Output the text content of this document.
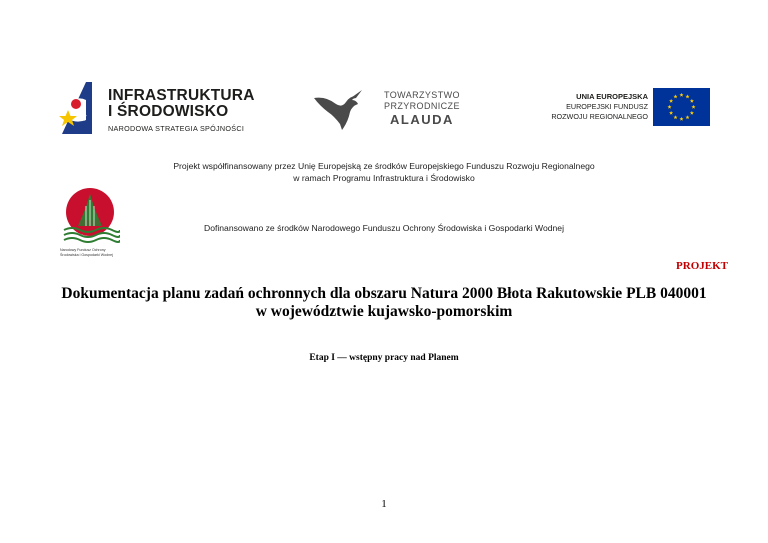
INFRASTRUKTURA
I ŚRODOWISKO
NARODOWA STRATEGIA SPÓJNOŚCI
TOWARZYSTWO
PRZYRODNICZE
ALAUDA
UNIA EUROPEJSKA
EUROPEJSKI FUNDUSZ
ROZWOJU REGIONALNEGO
Projekt współfinansowany przez Unię Europejską ze środków Europejskiego Funduszu Rozwoju Regionalnego
w ramach Programu Infrastruktura i Środowisko
Narodowy Fundusz Ochrony
Środowiska i Gospodarki Wodnej
Dofinansowano ze środków Narodowego Funduszu Ochrony Środowiska i Gospodarki Wodnej
PROJEKT
Dokumentacja planu zadań ochronnych dla obszaru Natura 2000 Błota Rakutowskie PLB 040001
w województwie kujawsko-pomorskim
Etap I — wstępny pracy nad Planem
1
